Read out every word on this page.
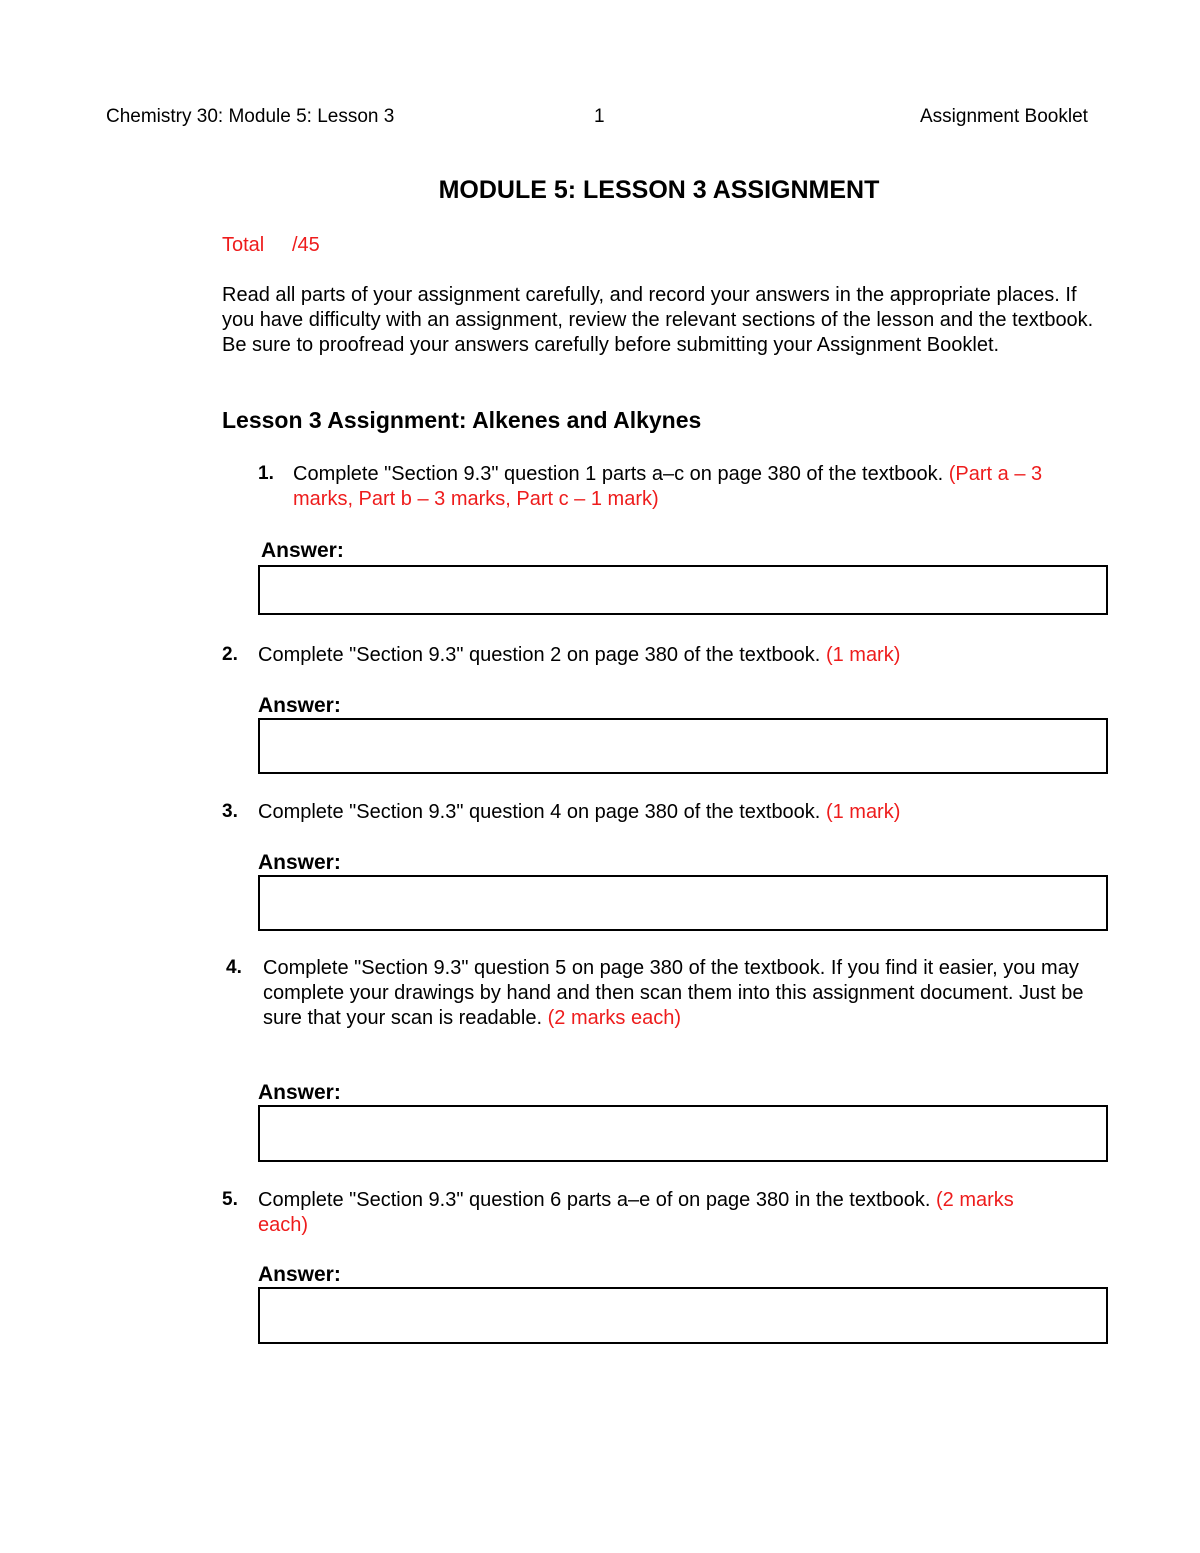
Chemistry 30: Module 5: Lesson 3	1	Assignment Booklet
MODULE 5: LESSON 3 ASSIGNMENT
Total /45
Read all parts of your assignment carefully, and record your answers in the appropriate places. If you have difficulty with an assignment, review the relevant sections of the lesson and the textbook. Be sure to proofread your answers carefully before submitting your Assignment Booklet.
Lesson 3 Assignment: Alkenes and Alkynes
1. Complete "Section 9.3" question 1 parts a–c on page 380 of the textbook. (Part a – 3 marks, Part b – 3 marks, Part c – 1 mark)
Answer:
2. Complete "Section 9.3" question 2 on page 380 of the textbook. (1 mark)
Answer:
3. Complete "Section 9.3" question 4 on page 380 of the textbook. (1 mark)
Answer:
4. Complete "Section 9.3" question 5 on page 380 of the textbook. If you find it easier, you may complete your drawings by hand and then scan them into this assignment document. Just be sure that your scan is readable. (2 marks each)
Answer:
5. Complete "Section 9.3" question 6 parts a–e of on page 380 in the textbook. (2 marks each)
Answer:
